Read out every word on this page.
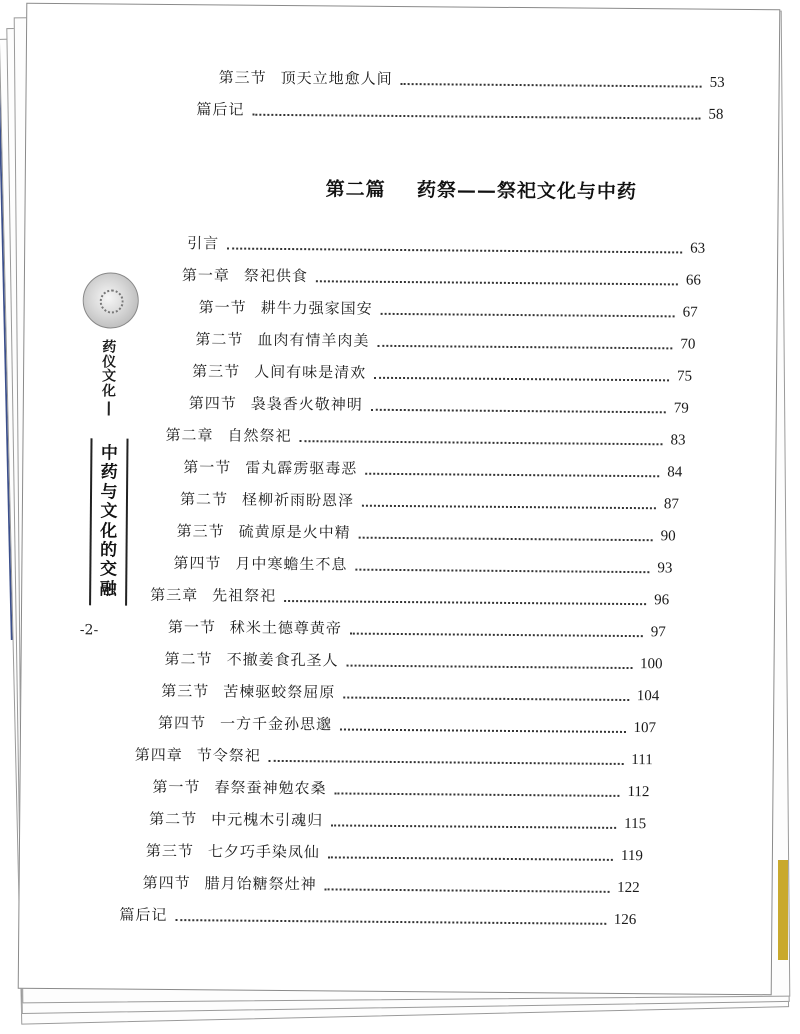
药
仪
文
化
中
药
与
文
化
的
交
融
-2-
第三节 顶天立地愈人间	53
篇后记	58
第二篇 药祭——祭祀文化与中药
引言	63
第一章 祭祀供食	66
第一节 耕牛力强家国安	67
第二节 血肉有情羊肉美	70
第三节 人间有味是清欢	75
第四节 袅袅香火敬神明	79
第二章 自然祭祀	83
第一节 雷丸霹雳驱毒恶	84
第二节 柽柳祈雨盼恩泽	87
第三节 硫黄原是火中精	90
第四节 月中寒蟾生不息	93
第三章 先祖祭祀	96
第一节 秫米土德尊黄帝	97
第二节 不撤姜食孔圣人	100
第三节 苦楝驱蛟祭屈原	104
第四节 一方千金孙思邈	107
第四章 节令祭祀	111
第一节 春祭蚕神勉农桑	112
第二节 中元槐木引魂归	115
第三节 七夕巧手染凤仙	119
第四节 腊月饴糖祭灶神	122
篇后记	126
